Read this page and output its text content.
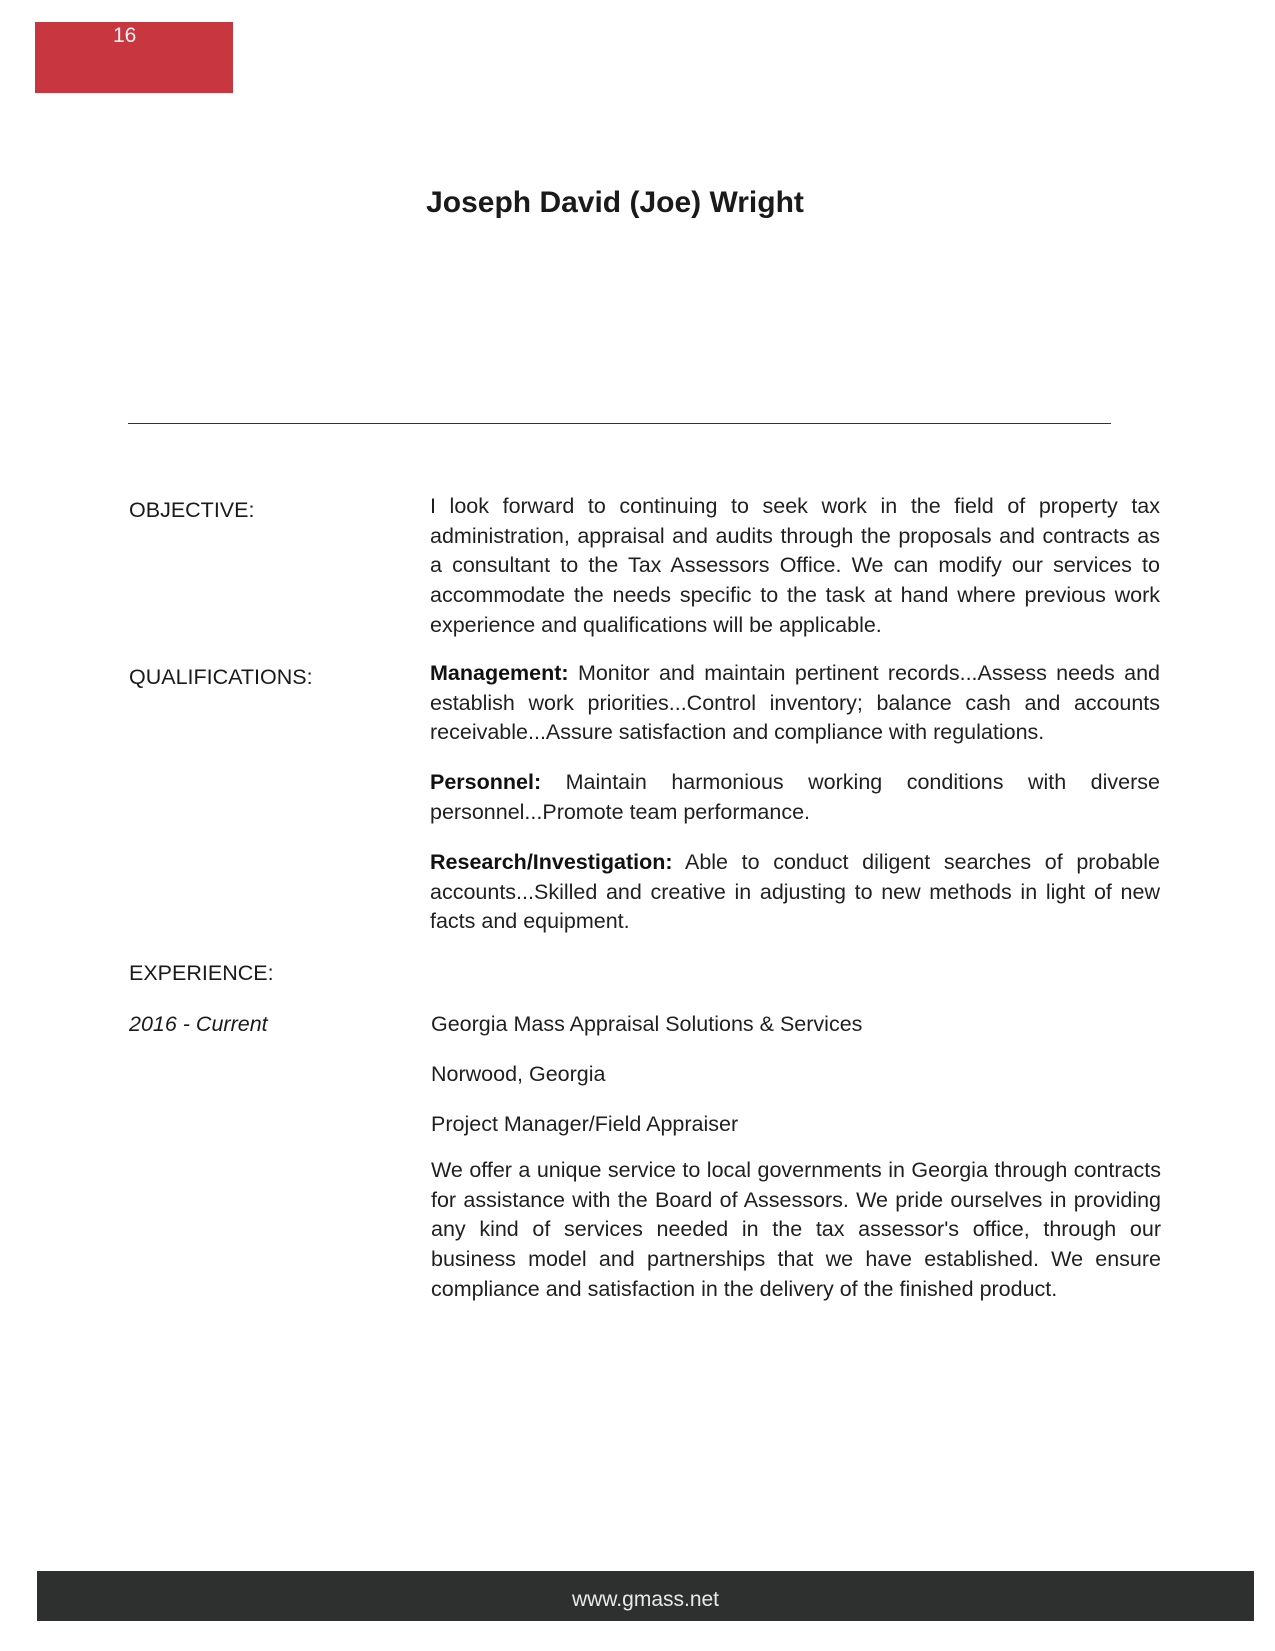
16
Joseph David (Joe) Wright
OBJECTIVE:	I look forward to continuing to seek work in the field of property tax administration, appraisal and audits through the proposals and contracts as a consultant to the Tax Assessors Office. We can modify our services to accommodate the needs specific to the task at hand where previous work experience and qualifications will be applicable.
QUALIFICATIONS:	Management: Monitor and maintain pertinent records...Assess needs and establish work priorities...Control inventory; balance cash and accounts receivable...Assure satisfaction and compliance with regulations.
Personnel: Maintain harmonious working conditions with diverse personnel...Promote team performance.
Research/Investigation: Able to conduct diligent searches of probable accounts...Skilled and creative in adjusting to new methods in light of new facts and equipment.
EXPERIENCE:
2016 - Current	Georgia Mass Appraisal Solutions & Services
Norwood, Georgia
Project Manager/Field Appraiser
We offer a unique service to local governments in Georgia through contracts for assistance with the Board of Assessors. We pride ourselves in providing any kind of services needed in the tax assessor's office, through our business model and partnerships that we have established. We ensure compliance and satisfaction in the delivery of the finished product.
www.gmass.net
